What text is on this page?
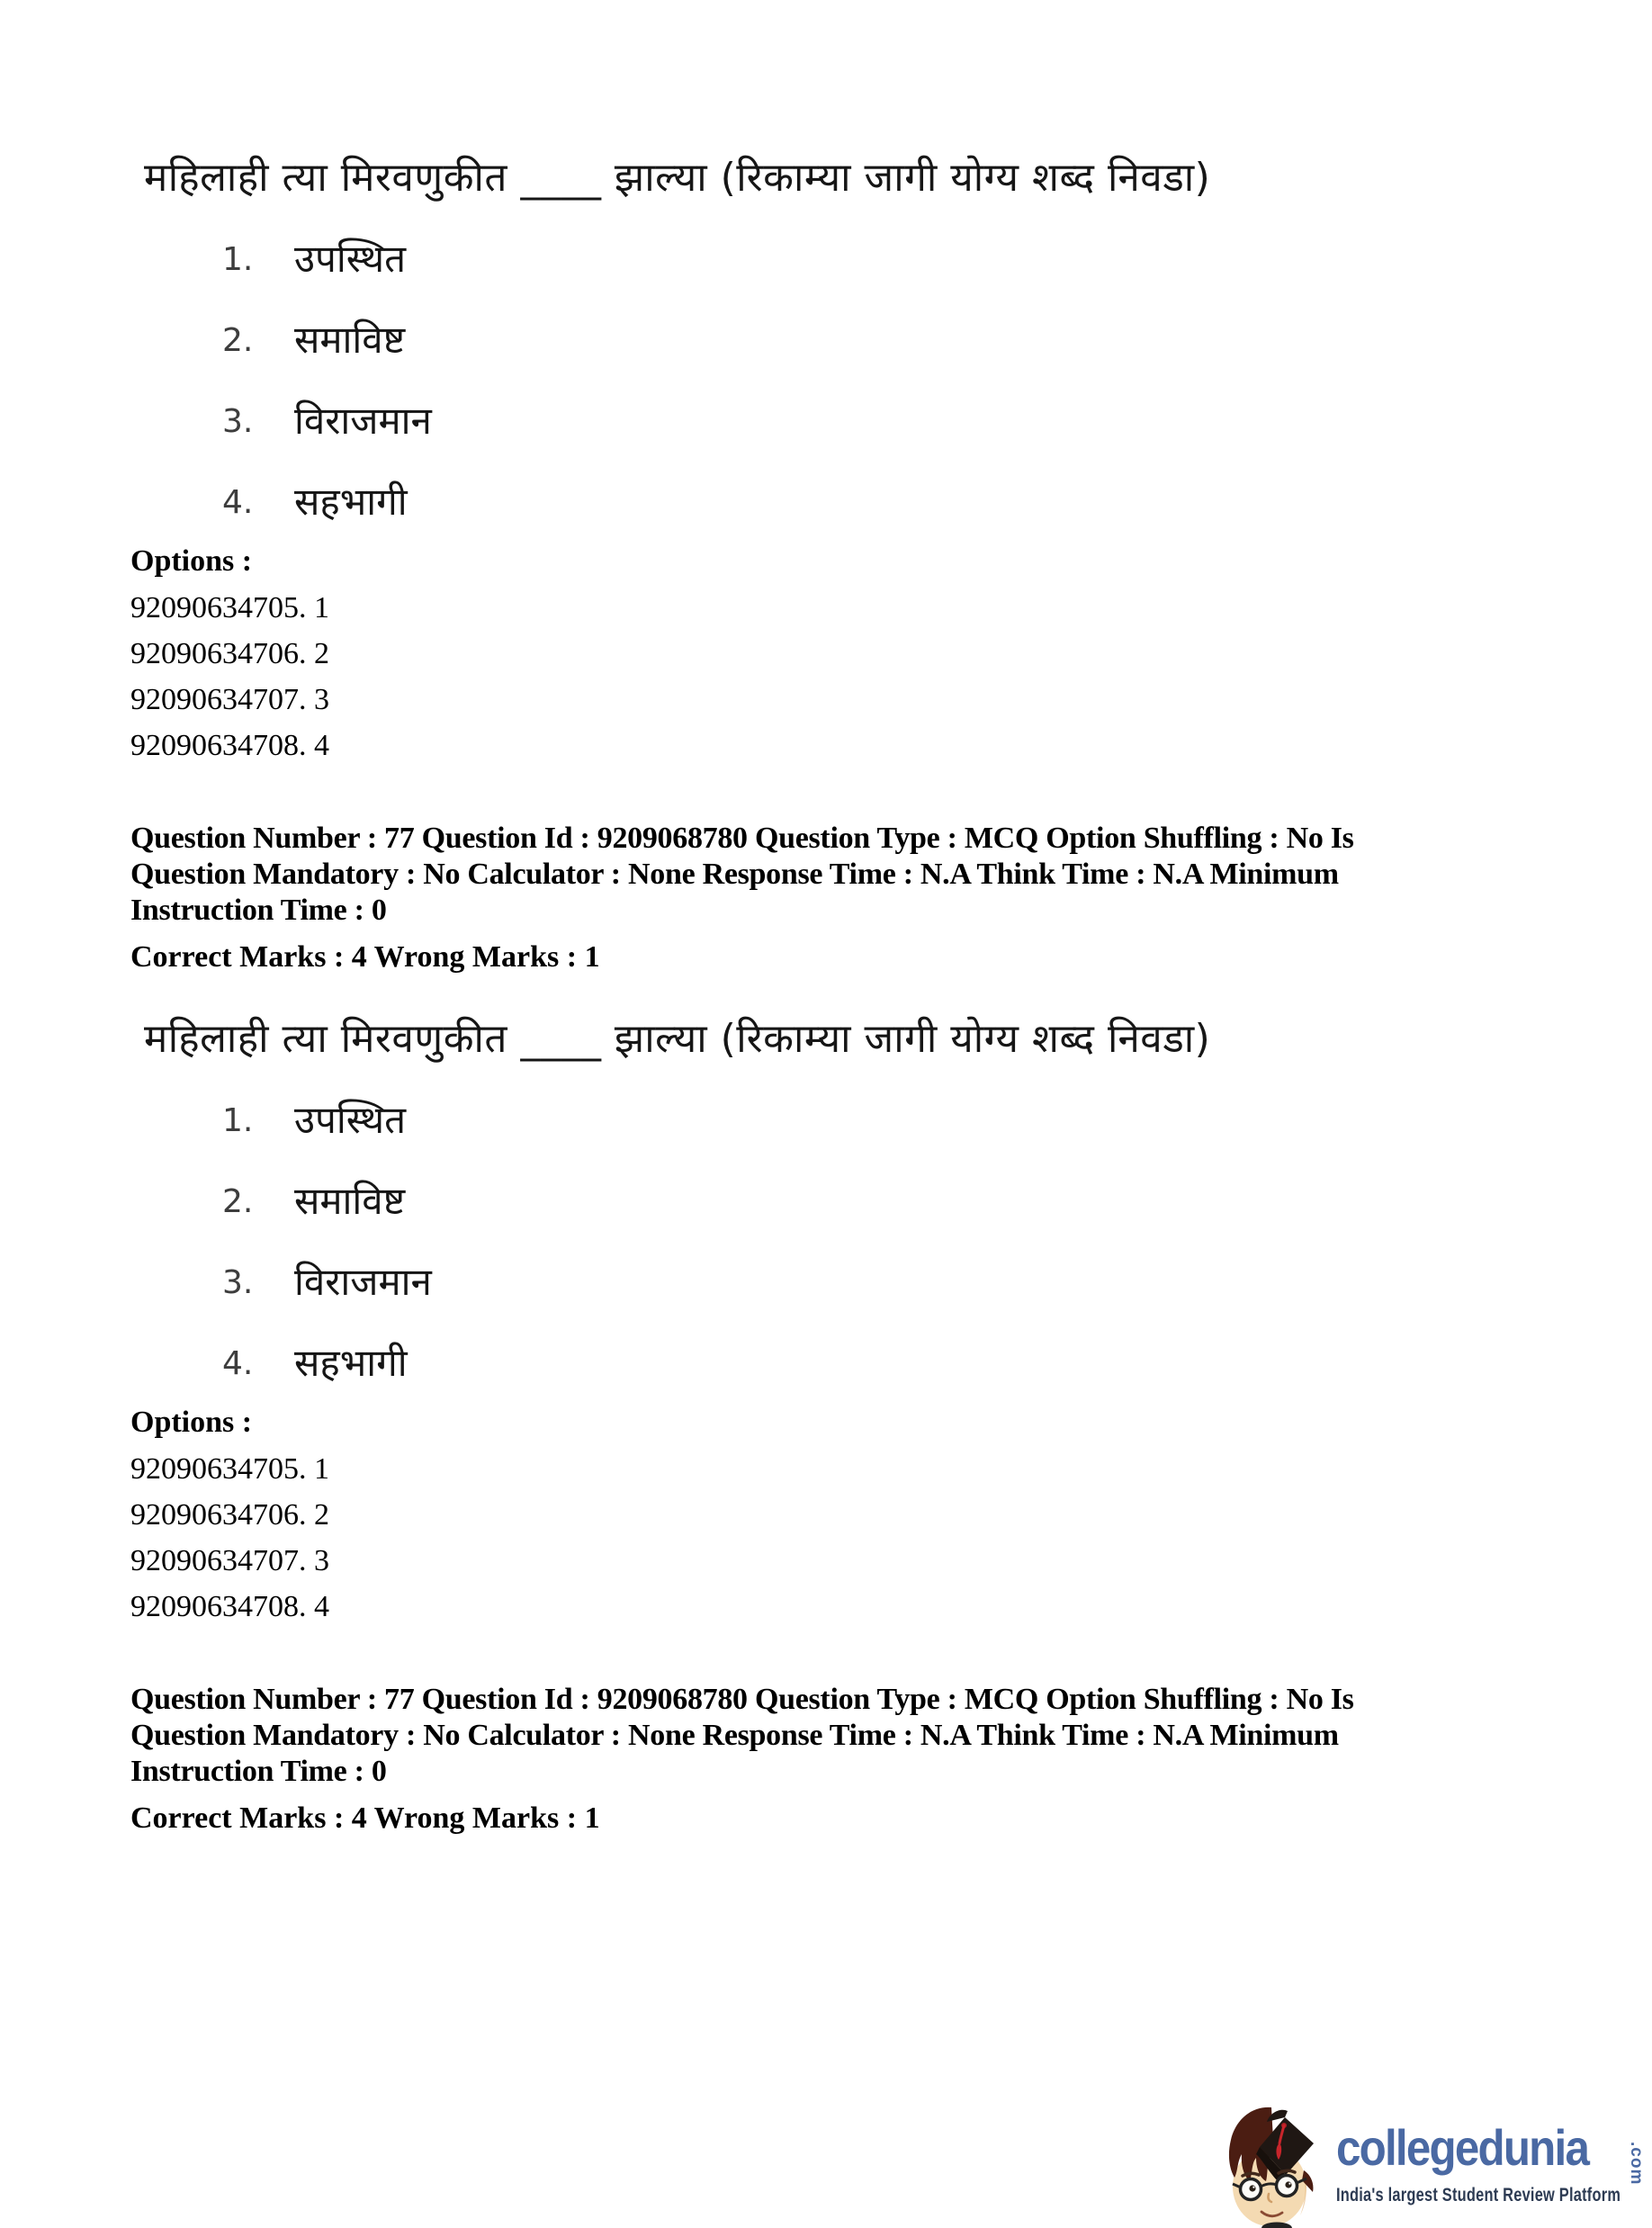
महिलाही त्या मिरवणुकीत ____ झाल्या (रिकाम्या जागी योग्य शब्द निवडा)
1.	उपस्थित
2.	समाविष्ट
3.	विराजमान
4.	सहभागी
Options :
92090634705. 1
92090634706. 2
92090634707. 3
92090634708. 4
Question Number : 77 Question Id : 9209068780 Question Type : MCQ Option Shuffling : No Is
Question Mandatory : No Calculator : None Response Time : N.A Think Time : N.A Minimum
Instruction Time : 0
Correct Marks : 4 Wrong Marks : 1
महिलाही त्या मिरवणुकीत ____ झाल्या (रिकाम्या जागी योग्य शब्द निवडा)
1.	उपस्थित
2.	समाविष्ट
3.	विराजमान
4.	सहभागी
Options :
92090634705. 1
92090634706. 2
92090634707. 3
92090634708. 4
Question Number : 77 Question Id : 9209068780 Question Type : MCQ Option Shuffling : No Is
Question Mandatory : No Calculator : None Response Time : N.A Think Time : N.A Minimum
Instruction Time : 0
Correct Marks : 4 Wrong Marks : 1
collegedunia .com
India's largest Student Review Platform
